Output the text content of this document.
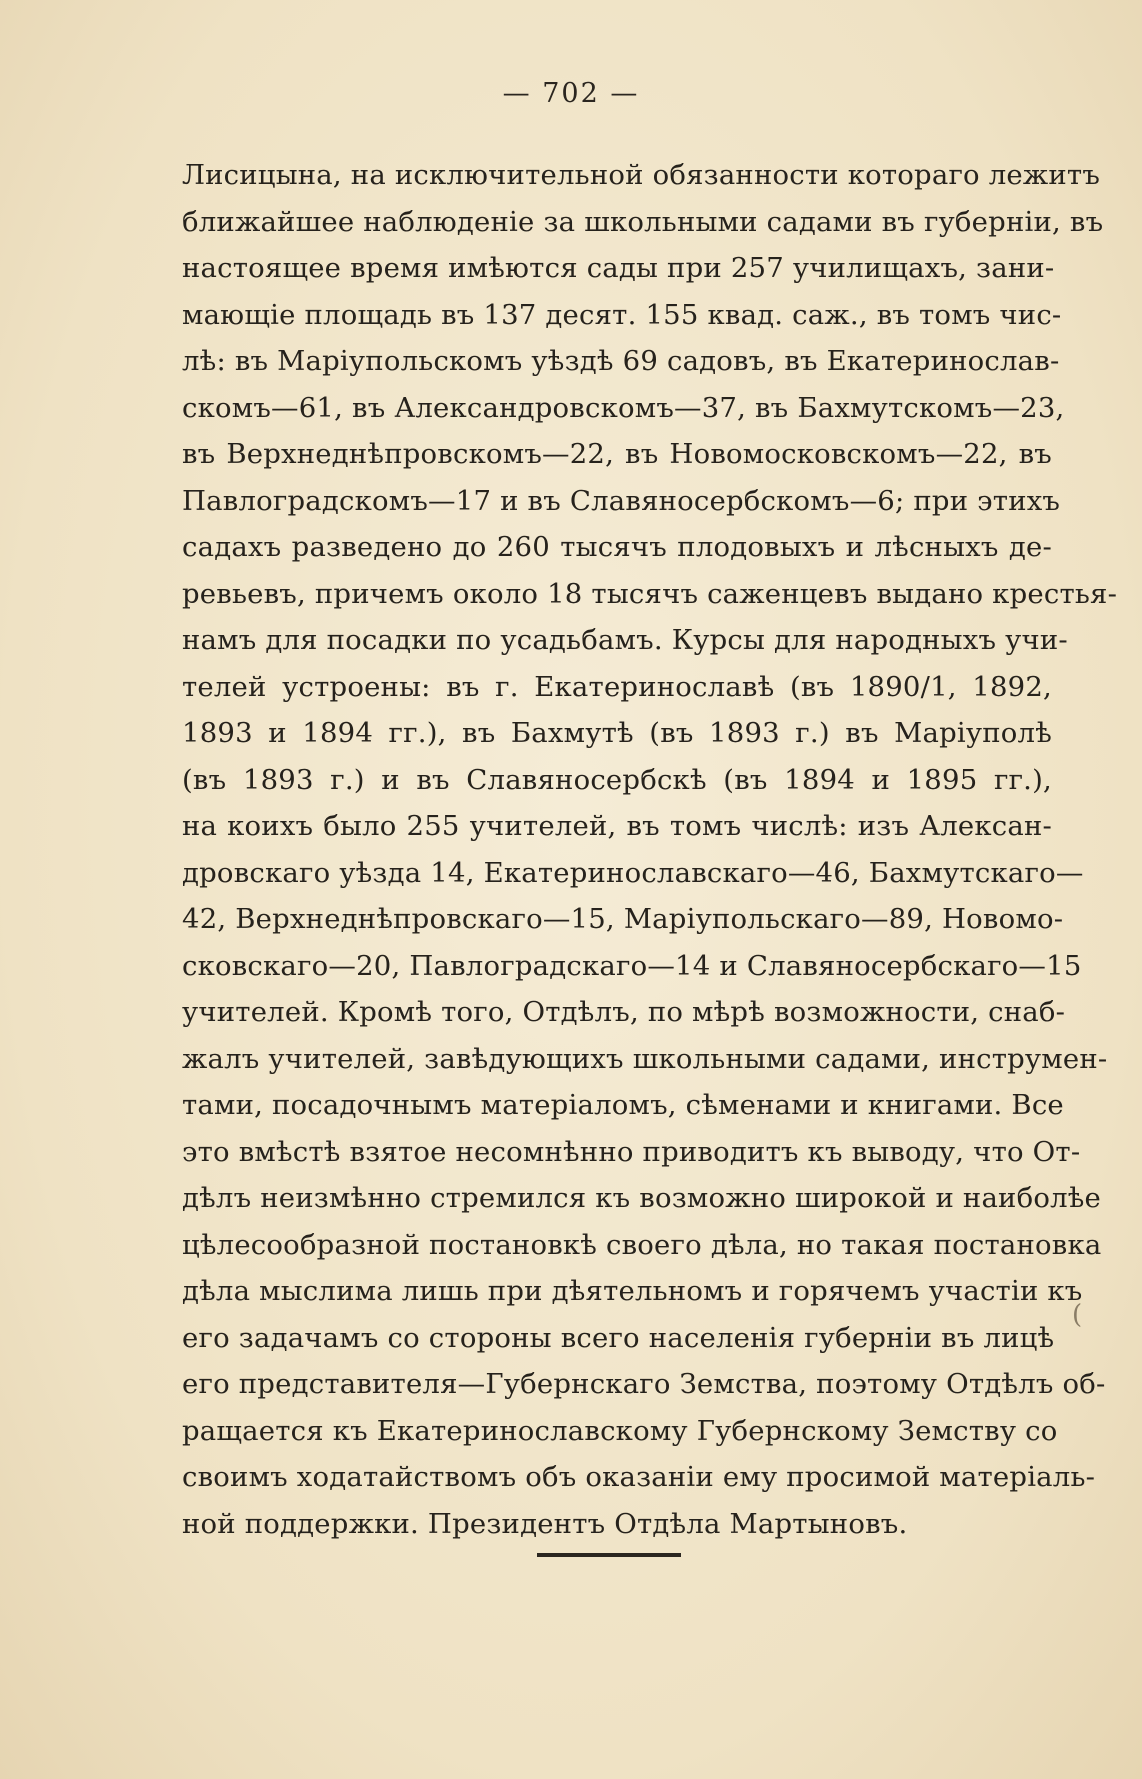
— 702 —
Лисицына, на исключительной обязанности котораго лежитъ
ближайшее наблюденіе за школьными садами въ губерніи, въ
настоящее время имѣются сады при 257 училищахъ, зани-
мающіе площадь въ 137 десят. 155 квад. саж., въ томъ чис-
лѣ: въ Маріупольскомъ уѣздѣ 69 садовъ, въ Екатеринослав-
скомъ—61, въ Александровскомъ—37, въ Бахмутскомъ—23,
въ Верхнеднѣпровскомъ—22, въ Новомосковскомъ—22, въ
Павлоградскомъ—17 и въ Славяносербскомъ—6; при этихъ
садахъ разведено до 260 тысячъ плодовыхъ и лѣсныхъ де-
ревьевъ, причемъ около 18 тысячъ саженцевъ выдано крестья-
намъ для посадки по усадьбамъ. Курсы для народныхъ учи-
телей устроены: въ г. Екатеринославѣ (въ 1890/1, 1892,
1893 и 1894 гг.), въ Бахмутѣ (въ 1893 г.) въ Маріуполѣ
(въ 1893 г.) и въ Славяносербскѣ (въ 1894 и 1895 гг.),
на коихъ было 255 учителей, въ томъ числѣ: изъ Алексан-
дровскаго уѣзда 14, Екатеринославскаго—46, Бахмутскаго—
42, Верхнеднѣпровскаго—15, Маріупольскаго—89, Новомо-
сковскаго—20, Павлоградскаго—14 и Славяносербскаго—15
учителей. Кромѣ того, Отдѣлъ, по мѣрѣ возможности, снаб-
жалъ учителей, завѣдующихъ школьными садами, инструмен-
тами, посадочнымъ матеріаломъ, сѣменами и книгами. Все
это вмѣстѣ взятое несомнѣнно приводитъ къ выводу, что От-
дѣлъ неизмѣнно стремился къ возможно широкой и наиболѣе
цѣлесообразной постановкѣ своего дѣла, но такая постановка
дѣла мыслима лишь при дѣятельномъ и горячемъ участіи къ
его задачамъ со стороны всего населенія губерніи въ лицѣ
его представителя—Губернскаго Земства, поэтому Отдѣлъ об-
ращается къ Екатеринославскому Губернскому Земству со
своимъ ходатайствомъ объ оказаніи ему просимой матеріаль-
ной поддержки. Президентъ Отдѣла Мартыновъ.
(
